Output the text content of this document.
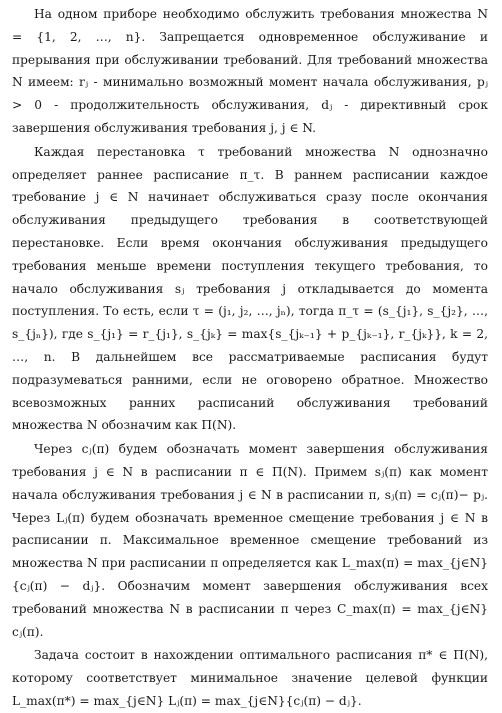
На одном приборе необходимо обслужить требования множества N = {1, 2, …, n}. Запрещается одновременное обслуживание и прерывания при обслуживании требований. Для требований множества N имеем: rⱼ - минимально возможный момент начала обслуживания, pⱼ > 0 - продолжительность обслуживания, dⱼ - директивный срок завершения обслуживания требования j, j ∈ N.

Каждая перестановка τ требований множества N однозначно определяет раннее расписание π_τ. В раннем расписании каждое требование j ∈ N начинает обслуживаться сразу после окончания обслуживания предыдущего требования в соответствующей перестановке. Если время окончания обслуживания предыдущего требования меньше времени поступления текущего требования, то начало обслуживания sⱼ требования j откладывается до момента поступления. То есть, если τ = (j₁, j₂, …, jₙ), тогда π_τ = (s_{j₁}, s_{j₂}, …, s_{jₙ}), где s_{j₁} = r_{j₁}, s_{jₖ} = max{s_{jₖ₋₁} + p_{jₖ₋₁}, r_{jₖ}}, k = 2, …, n. В дальнейшем все рассматриваемые расписания будут подразумеваться ранними, если не оговорено обратное. Множество всевозможных ранних расписаний обслуживания требований множества N обозначим как Π(N).

Через cⱼ(π) будем обозначать момент завершения обслуживания требования j ∈ N в расписании π ∈ Π(N). Примем sⱼ(π) как момент начала обслуживания требования j ∈ N в расписании π, sⱼ(π) = cⱼ(π)− pⱼ. Через Lⱼ(π) будем обозначать временное смещение требования j ∈ N в расписании π. Максимальное временное смещение требований из множества N при расписании π определяется как L_max(π) = max_{j∈N}{cⱼ(π) − dⱼ}. Обозначим момент завершения обслуживания всех требований множества N в расписании π через C_max(π) = max_{j∈N} cⱼ(π).

Задача состоит в нахождении оптимального расписания π* ∈ Π(N), которому соответствует минимальное значение целевой функции L_max(π*) = max_{j∈N} Lⱼ(π) = max_{j∈N}{cⱼ(π) − dⱼ}.
